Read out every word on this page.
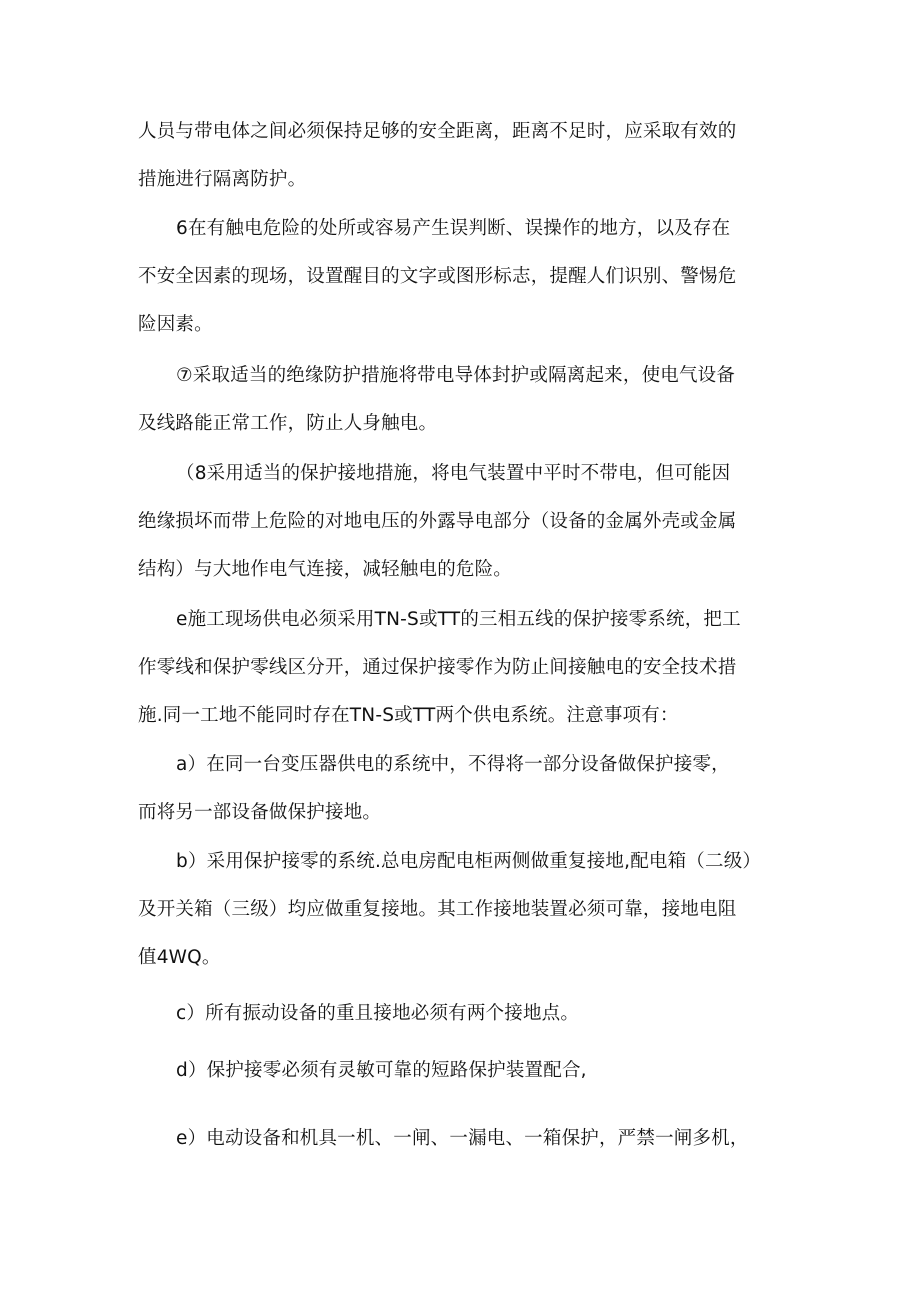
人员与带电体之间必须保持足够的安全距离，距离不足时，应采取有效的
措施进行隔离防护。

6在有触电危险的处所或容易产生误判断、误操作的地方，以及存在
不安全因素的现场，设置醒目的文字或图形标志，提醒人们识别、警惕危
险因素。

⑦采取适当的绝缘防护措施将带电导体封护或隔离起来，使电气设备
及线路能正常工作，防止人身触电。

（8采用适当的保护接地措施，将电气装置中平时不带电，但可能因
绝缘损坏而带上危险的对地电压的外露导电部分（设备的金属外壳或金属
结构）与大地作电气连接，减轻触电的危险。

e施工现场供电必须采用TN-S或TT的三相五线的保护接零系统，把工
作零线和保护零线区分开，通过保护接零作为防止间接触电的安全技术措
施.同一工地不能同时存在TN-S或TT两个供电系统。注意事项有：

a）在同一台变压器供电的系统中，不得将一部分设备做保护接零，
而将另一部设备做保护接地。

b）采用保护接零的系统.总电房配电柜两侧做重复接地,配电箱（二级）
及开关箱（三级）均应做重复接地。其工作接地装置必须可靠，接地电阻
值4WQ。

c）所有振动设备的重且接地必须有两个接地点。

d）保护接零必须有灵敏可靠的短路保护装置配合,

e）电动设备和机具一机、一闸、一漏电、一箱保护，严禁一闸多机，
